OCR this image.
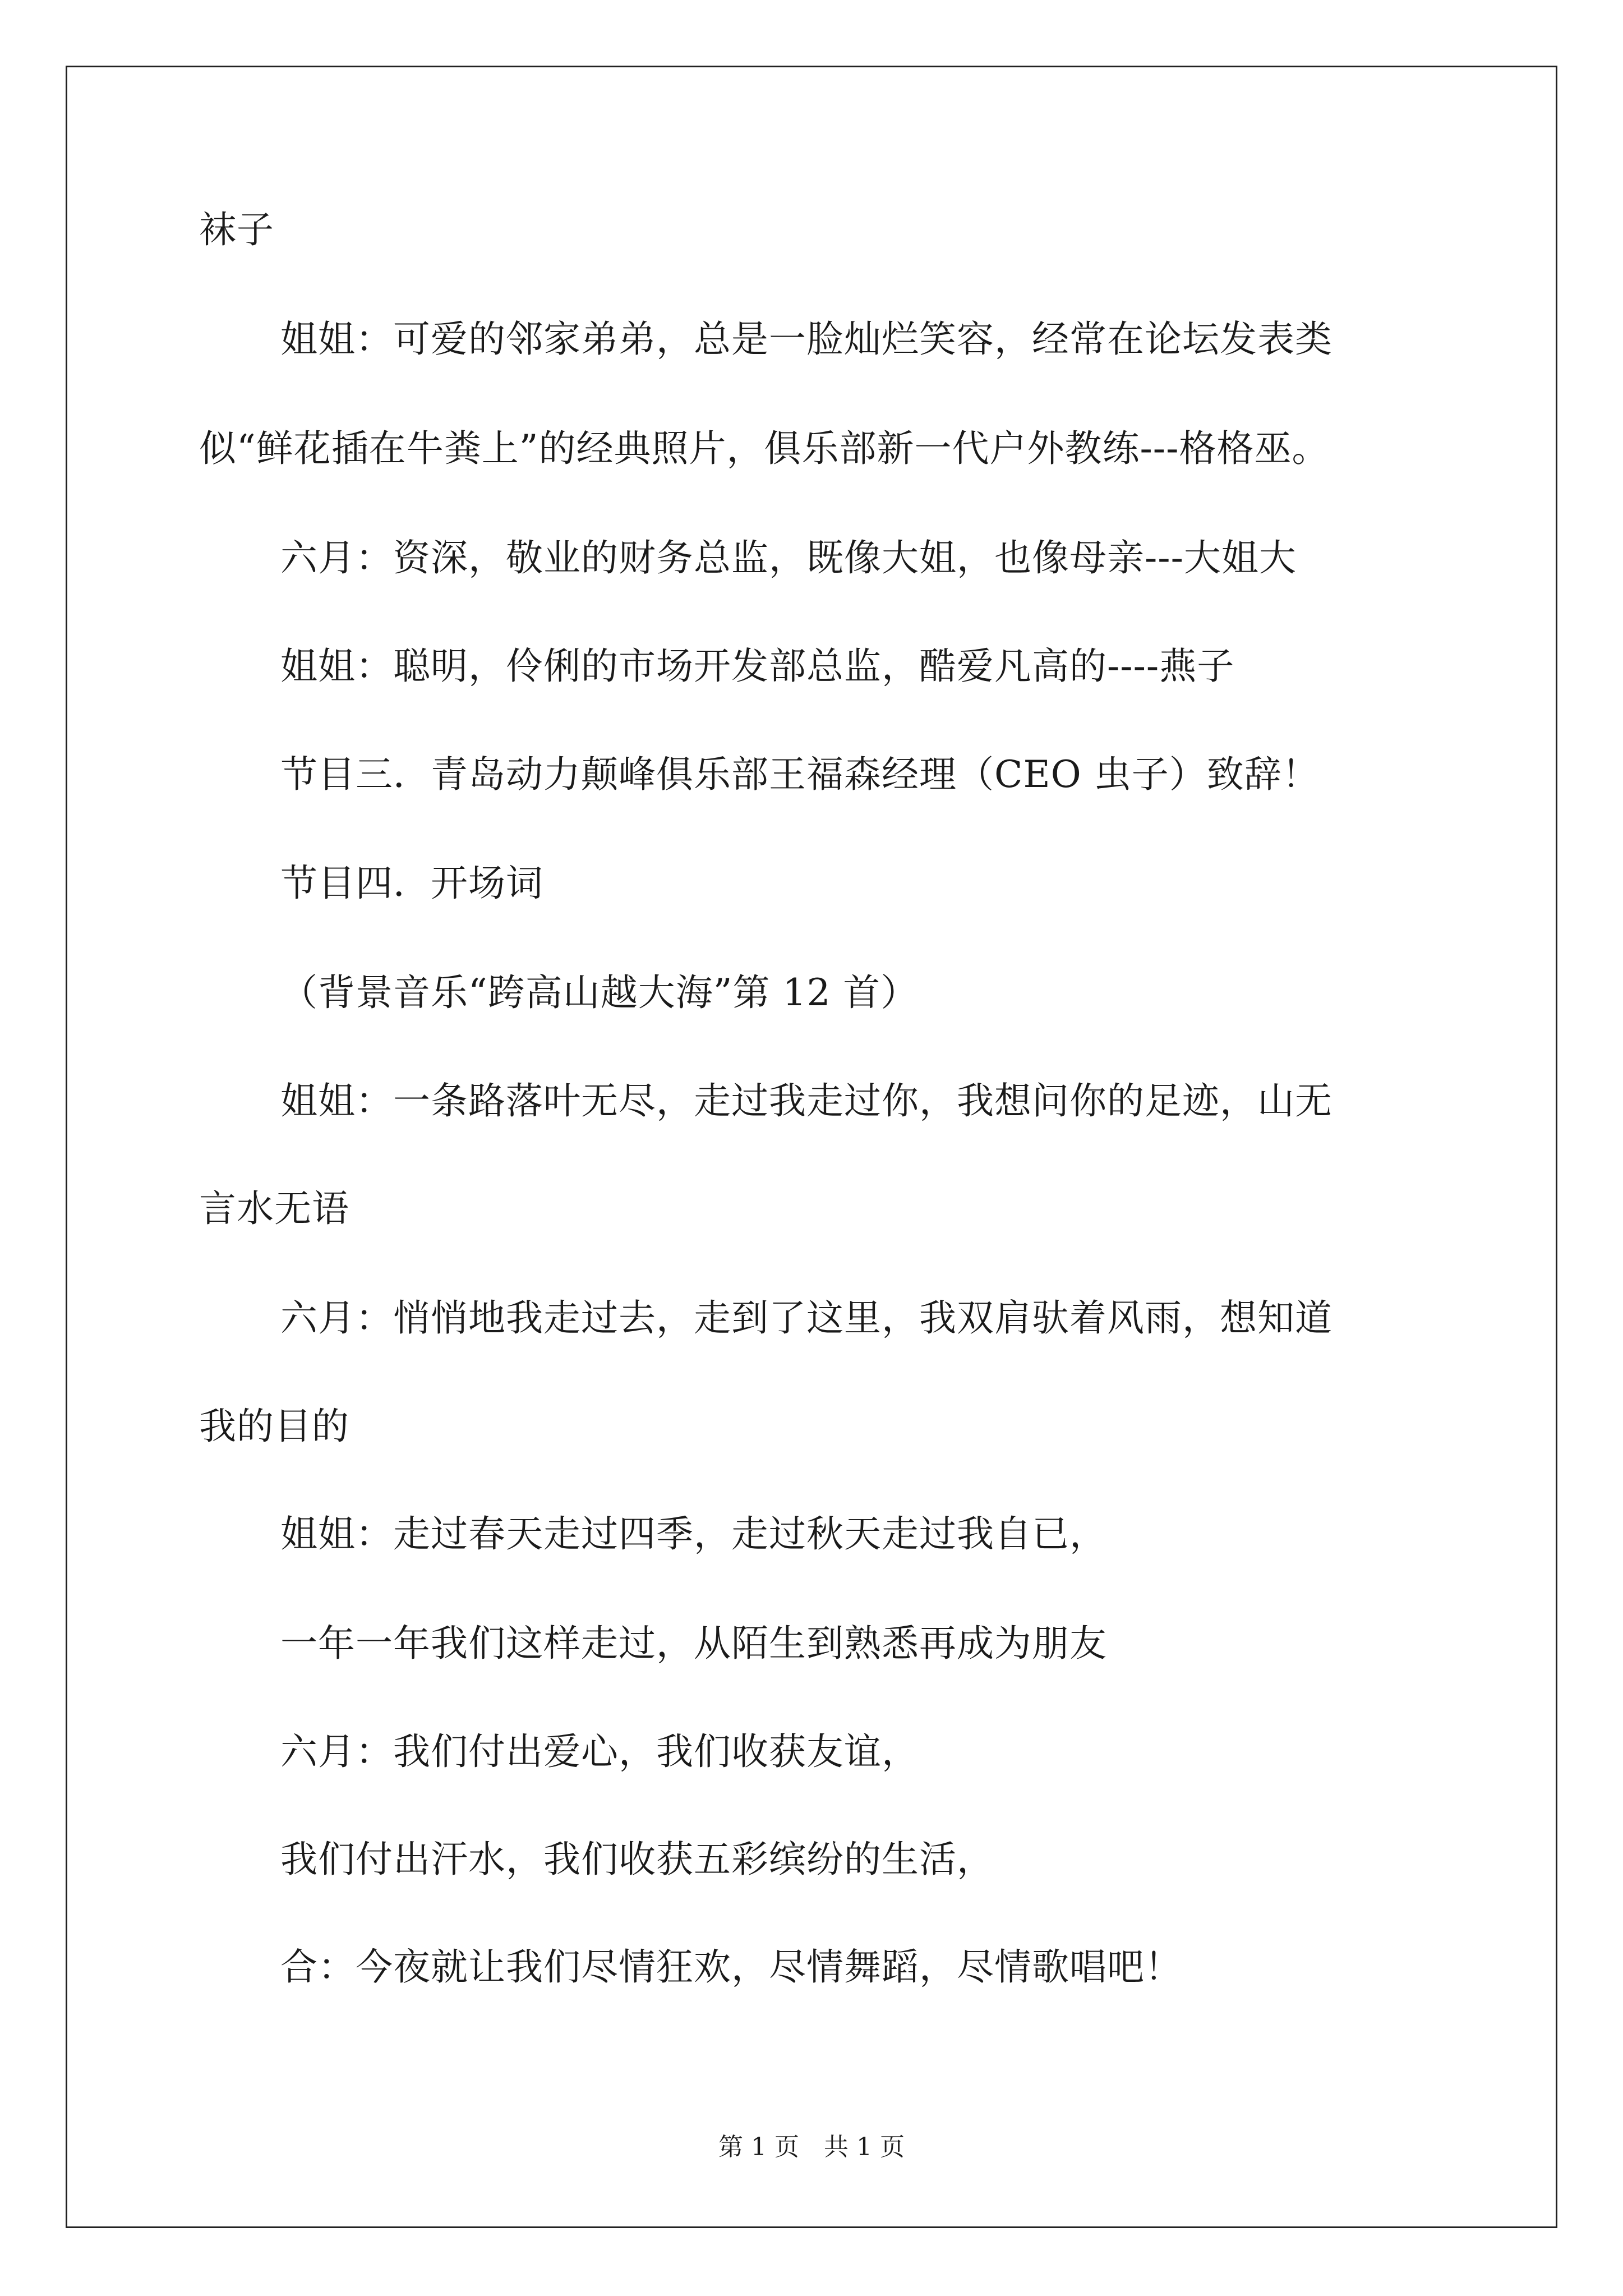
袜子
姐姐：可爱的邻家弟弟，总是一脸灿烂笑容，经常在论坛发表类
似“鲜花插在牛粪上”的经典照片，俱乐部新一代户外教练---格格巫。
六月：资深，敬业的财务总监，既像大姐，也像母亲---大姐大
姐姐：聪明，伶俐的市场开发部总监，酷爱凡高的----燕子
节目三．青岛动力颠峰俱乐部王福森经理（CEO 虫子）致辞！
节目四．开场词
（背景音乐“跨高山越大海”第 12 首）
姐姐：一条路落叶无尽，走过我走过你，我想问你的足迹，山无
言水无语
六月：悄悄地我走过去，走到了这里，我双肩驮着风雨，想知道
我的目的
姐姐：走过春天走过四季，走过秋天走过我自已，
一年一年我们这样走过，从陌生到熟悉再成为朋友
六月：我们付出爱心，我们收获友谊，
我们付出汗水，我们收获五彩缤纷的生活，
合：今夜就让我们尽情狂欢，尽情舞蹈，尽情歌唱吧！
第 1 页　共 1 页
